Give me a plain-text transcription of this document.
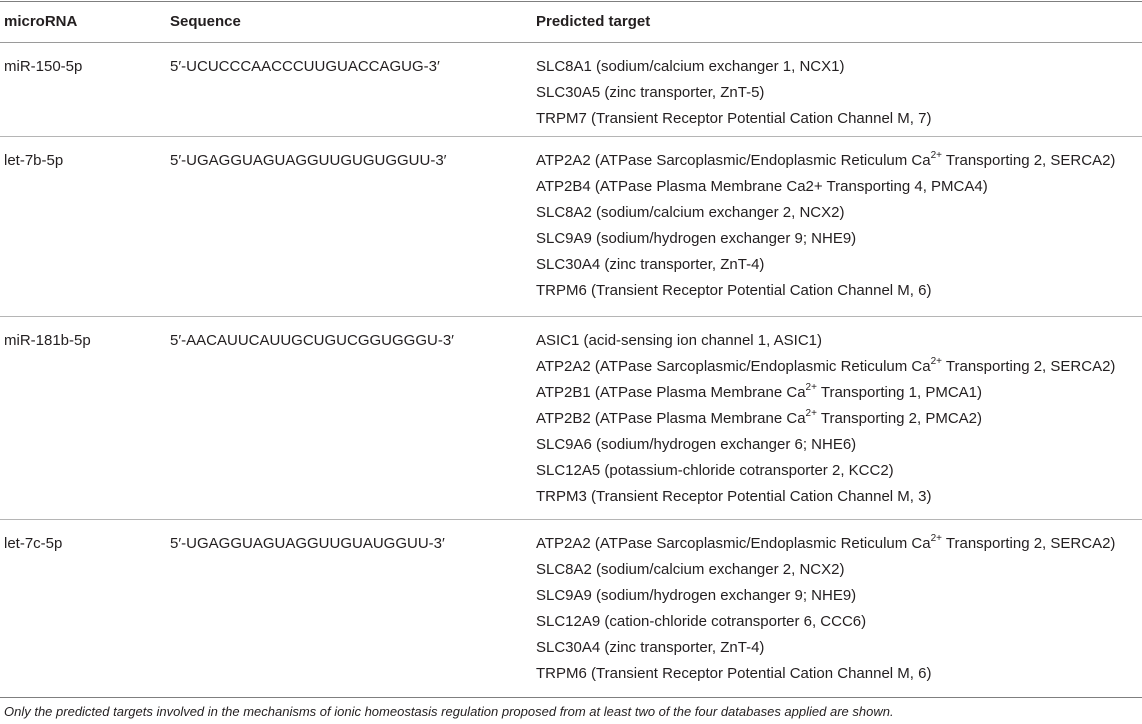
microRNA	Sequence	Predicted target
miR-150-5p	5′-UCUCCCAACCCUUGUACCAGUG-3′	SLC8A1 (sodium/calcium exchanger 1, NCX1)
SLC30A5 (zinc transporter, ZnT-5)
TRPM7 (Transient Receptor Potential Cation Channel M, 7)
let-7b-5p	5′-UGAGGUAGUAGGUUGUGUGGUU-3′	ATP2A2 (ATPase Sarcoplasmic/Endoplasmic Reticulum $Ca^{2+}$ Transporting 2, SERCA2)
ATP2B4 (ATPase Plasma Membrane Ca2+ Transporting 4, PMCA4)
SLC8A2 (sodium/calcium exchanger 2, NCX2)
SLC9A9 (sodium/hydrogen exchanger 9; NHE9)
SLC30A4 (zinc transporter, ZnT-4)
TRPM6 (Transient Receptor Potential Cation Channel M, 6)
miR-181b-5p	5′-AACAUUCAUUGCUGUCGGUGGGU-3′	ASIC1 (acid-sensing ion channel 1, ASIC1)
ATP2A2 (ATPase Sarcoplasmic/Endoplasmic Reticulum $Ca^{2+}$ Transporting 2, SERCA2)
ATP2B1 (ATPase Plasma Membrane $Ca^{2+}$ Transporting 1, PMCA1)
ATP2B2 (ATPase Plasma Membrane $Ca^{2+}$ Transporting 2, PMCA2)
SLC9A6 (sodium/hydrogen exchanger 6; NHE6)
SLC12A5 (potassium-chloride cotransporter 2, KCC2)
TRPM3 (Transient Receptor Potential Cation Channel M, 3)
let-7c-5p	5′-UGAGGUAGUAGGUUGUAUGGUU-3′	ATP2A2 (ATPase Sarcoplasmic/Endoplasmic Reticulum $Ca^{2+}$ Transporting 2, SERCA2)
SLC8A2 (sodium/calcium exchanger 2, NCX2)
SLC9A9 (sodium/hydrogen exchanger 9; NHE9)
SLC12A9 (cation-chloride cotransporter 6, CCC6)
SLC30A4 (zinc transporter, ZnT-4)
TRPM6 (Transient Receptor Potential Cation Channel M, 6)
Only the predicted targets involved in the mechanisms of ionic homeostasis regulation proposed from at least two of the four databases applied are shown.
